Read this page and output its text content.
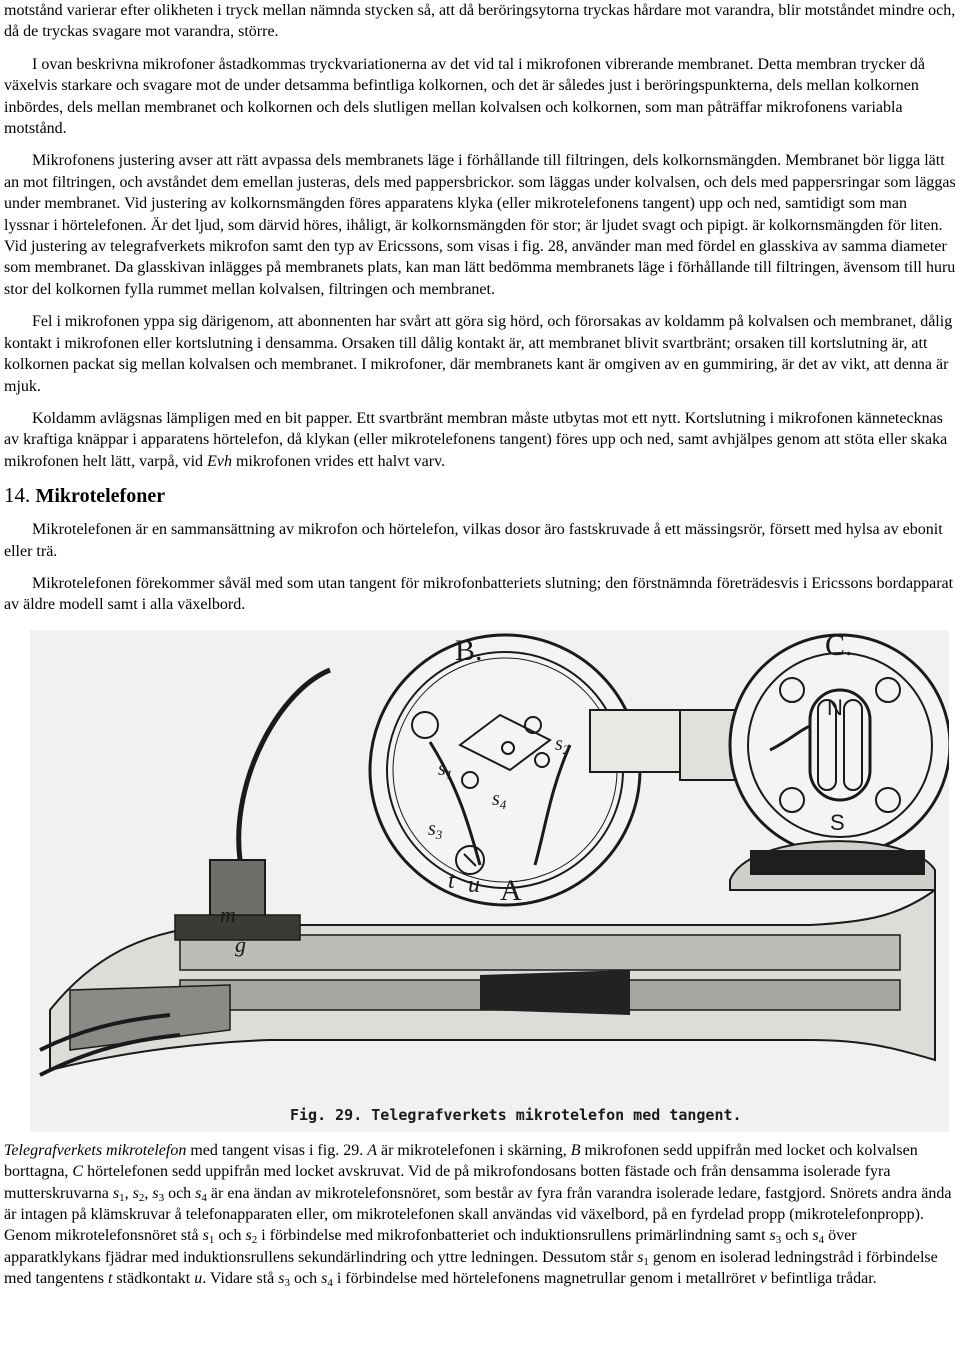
motstånd varierar efter olikheten i tryck mellan nämnda stycken så, att då beröringsytorna tryckas hårdare mot varandra, blir motståndet mindre och, då de tryckas svagare mot varandra, större.

I ovan beskrivna mikrofoner åstadkommas tryckvariationerna av det vid tal i mikrofonen vibrerande membranet. Detta membran trycker då växelvis starkare och svagare mot de under detsamma befintliga kolkornen, och det är således just i beröringspunkterna, dels mellan kolkornen inbördes, dels mellan membranet och kolkornen och dels slutligen mellan kolvalsen och kolkornen, som man påträffar mikrofonens variabla motstånd.

Mikrofonens justering avser att rätt avpassa dels membranets läge i förhållande till filtringen, dels kolkornsmängden. Membranet bör ligga lätt an mot filtringen, och avståndet dem emellan justeras, dels med pappersbrickor. som läggas under kolvalsen, och dels med pappersringar som läggas under membranet. Vid justering av kolkornsmängden föres apparatens klyka (eller mikrotelefonens tangent) upp och ned, samtidigt som man lyssnar i hörtelefonen. Är det ljud, som därvid höres, ihåligt, är kolkornsmängden för stor; är ljudet svagt och pipigt. är kolkornsmängden för liten. Vid justering av telegrafverkets mikrofon samt den typ av Ericssons, som visas i fig. 28, använder man med fördel en glasskiva av samma diameter som membranet. Da glasskivan inlägges på membranets plats, kan man lätt bedömma membranets läge i förhållande till filtringen, ävensom till huru stor del kolkornen fylla rummet mellan kolvalsen, filtringen och membranet.

Fel i mikrofonen yppa sig därigenom, att abonnenten har svårt att göra sig hörd, och förorsakas av koldamm på kolvalsen och membranet, dålig kontakt i mikrofonen eller kortslutning i densamma. Orsaken till dålig kontakt är, att membranet blivit svartbränt; orsaken till kortslutning är, att kolkornen packat sig mellan kolvalsen och membranet. I mikrofoner, där membranets kant är omgiven av en gummiring, är det av vikt, att denna är mjuk.

Koldamm avlägsnas lämpligen med en bit papper. Ett svartbränt membran måste utbytas mot ett nytt. Kortslutning i mikrofonen kännetecknas av kraftiga knäppar i apparatens hörtelefon, då klykan (eller mikrotelefonens tangent) föres upp och ned, samt avhjälpes genom att stöta eller skaka mikrofonen helt lätt, varpå, vid Evh mikrofonen vrides ett halvt varv.

14. Mikrotelefoner

Mikrotelefonen är en sammansättning av mikrofon och hörtelefon, vilkas dosor äro fastskruvade å ett mässingsrör, försett med hylsa av ebonit eller trä.

Mikrotelefonen förekommer såväl med som utan tangent för mikrofonbatteriets slutning; den förstnämnda företrädesvis i Ericssons bordapparat av äldre modell samt i alla växelbord.

B.	C.
A
t u
m
g
$s_1$
$s_2$
$s_3$
$s_4$
N
S
Fig. 29. Telegrafverkets mikrotelefon med tangent.

Telegrafverkets mikrotelefon med tangent visas i fig. 29. A är mikrotelefonen i skärning, B mikrofonen sedd uppifrån med locket och kolvalsen borttagna, C hörtelefonen sedd uppifrån med locket avskruvat. Vid de på mikrofondosans botten fästade och från densamma isolerade fyra mutterskruvarna $s_1$, $s_2$, $s_3$ och $s_4$ är ena ändan av mikrotelefonsnöret, som består av fyra från varandra isolerade ledare, fastgjord. Snörets andra ända är intagen på klämskruvar å telefonapparaten eller, om mikrotelefonen skall användas vid växelbord, på en fyrdelad propp (mikrotelefonpropp). Genom mikrotelefonsnöret stå $s_1$ och $s_2$ i förbindelse med mikrofonbatteriet och induktionsrullens primärlindning samt $s_3$ och $s_4$ över apparatklykans fjädrar med induktionsrullens sekundärlindring och yttre ledningen. Dessutom står $s_1$ genom en isolerad ledningstråd i förbindelse med tangentens t städkontakt u. Vidare stå $s_3$ och $s_4$ i förbindelse med hörtelefonens magnetrullar genom i metallröret v befintliga trådar.
